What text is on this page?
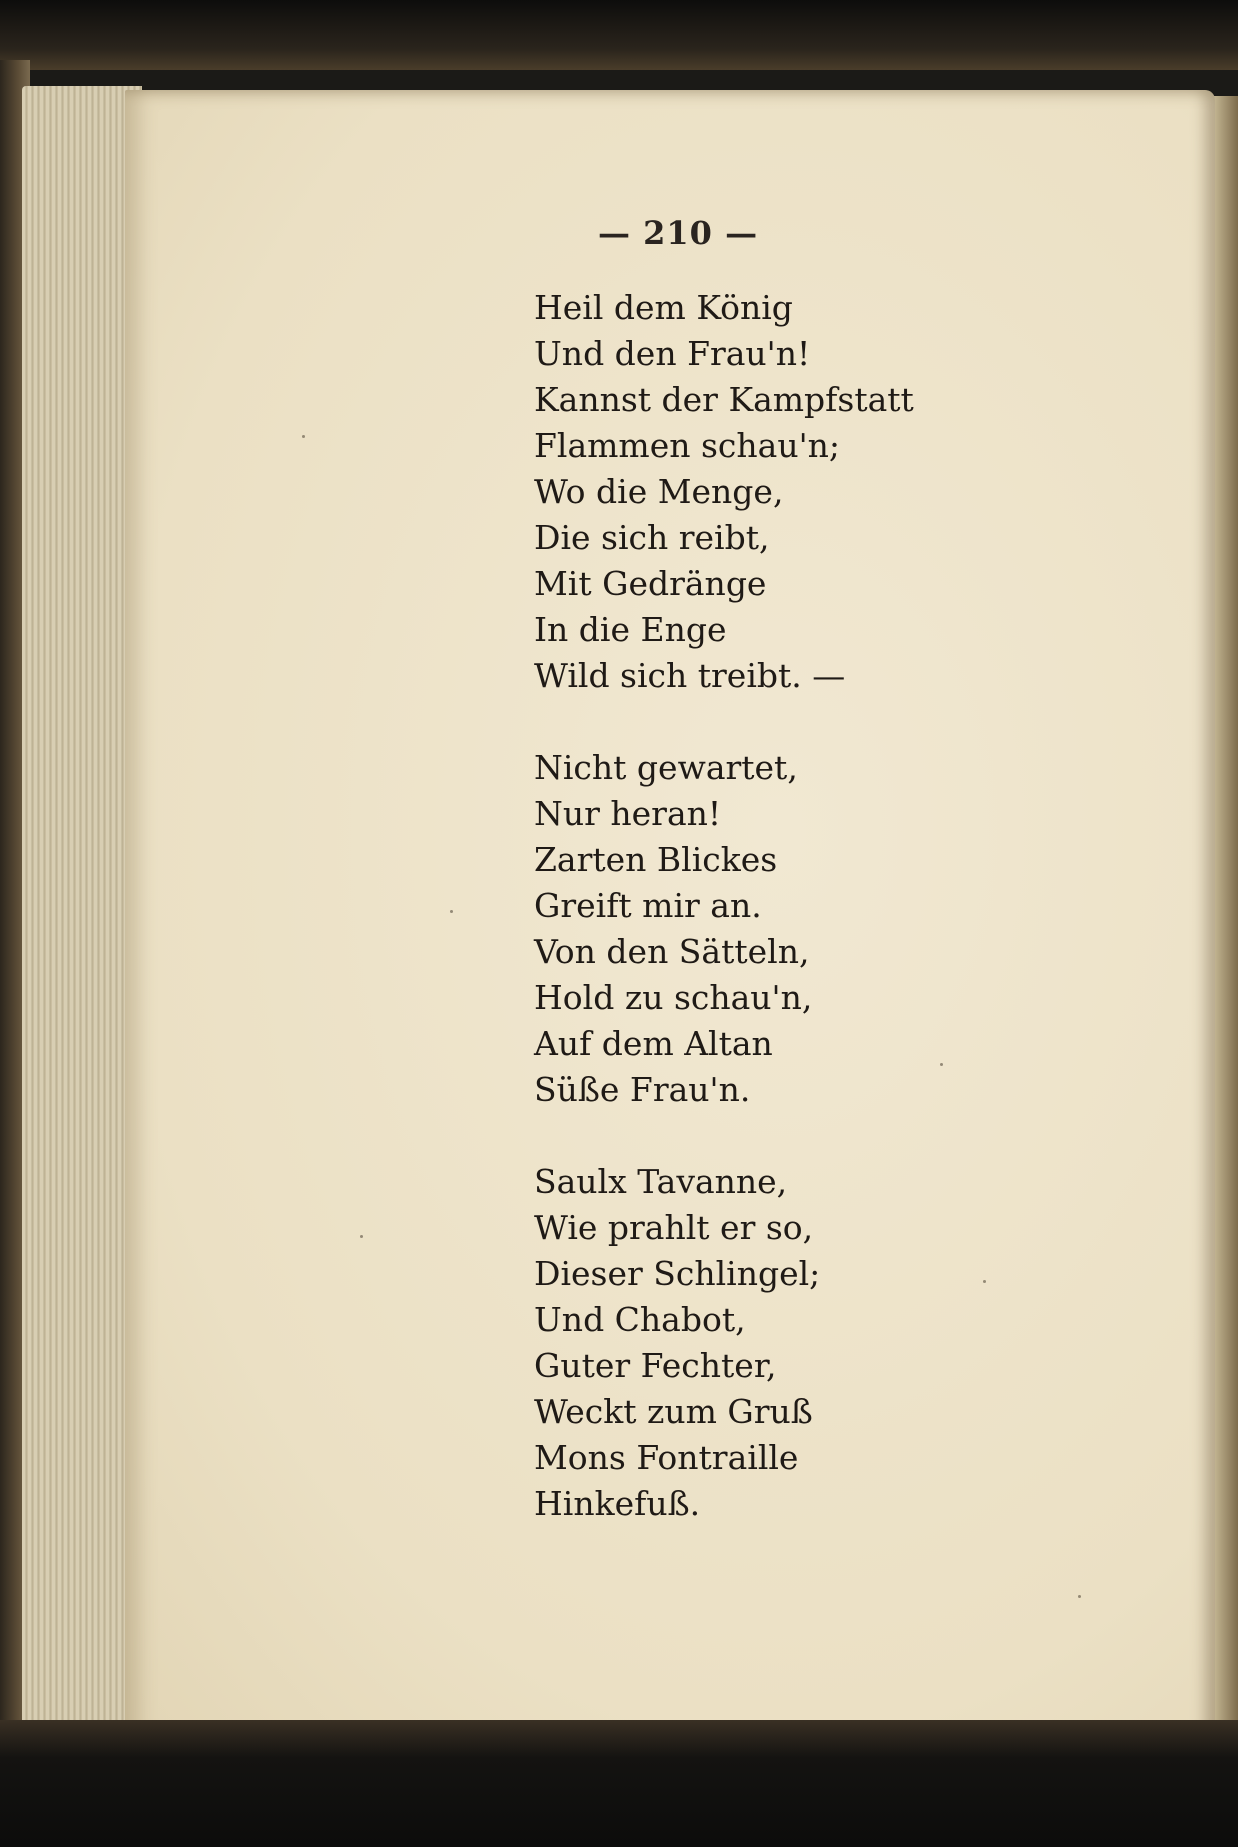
— 210 —
Heil dem König
Und den Frau'n!
Kannst der Kampfstatt
Flammen schau'n;
Wo die Menge,
Die sich reibt,
Mit Gedränge
In die Enge
Wild sich treibt. —
Nicht gewartet,
Nur heran!
Zarten Blickes
Greift mir an.
Von den Sätteln,
Hold zu schau'n,
Auf dem Altan
Süße Frau'n.
Saulx Tavanne,
Wie prahlt er so,
Dieser Schlingel;
Und Chabot,
Guter Fechter,
Weckt zum Gruß
Mons Fontraille
Hinkefuß.
